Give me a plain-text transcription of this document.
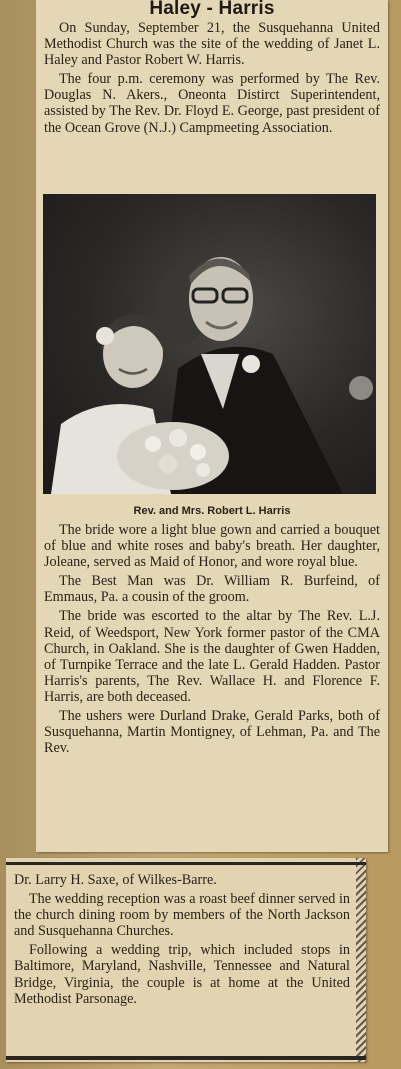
Haley - Harris

On Sunday, September 21, the Susquehanna United Methodist Church was the site of the wedding of Janet L. Haley and Pastor Robert W. Harris.

The four p.m. ceremony was performed by The Rev. Douglas N. Akers., Oneonta Distirct Superintendent, assisted by The Rev. Dr. Floyd E. George, past president of the Ocean Grove (N.J.) Campmeeting Association.

Rev. and Mrs. Robert L. Harris

The bride wore a light blue gown and carried a bouquet of blue and white roses and baby's breath. Her daughter, Joleane, served as Maid of Honor, and wore royal blue.

The Best Man was Dr. William R. Burfeind, of Emmaus, Pa. a cousin of the groom.

The bride was escorted to the altar by The Rev. L.J. Reid, of Weedsport, New York former pastor of the CMA Church, in Oakland. She is the daughter of Gwen Hadden, of Turnpike Terrace and the late L. Gerald Hadden. Pastor Harris's parents, The Rev. Wallace H. and Florence F. Harris, are both deceased.

The ushers were Durland Drake, Gerald Parks, both of Susquehanna, Martin Montigney, of Lehman, Pa. and The Rev.

Dr. Larry H. Saxe, of Wilkes-Barre.

The wedding reception was a roast beef dinner served in the church dining room by members of the North Jackson and Susquehanna Churches.

Following a wedding trip, which included stops in Baltimore, Maryland, Nashville, Tennessee and Natural Bridge, Virginia, the couple is at home at the United Methodist Parsonage.
